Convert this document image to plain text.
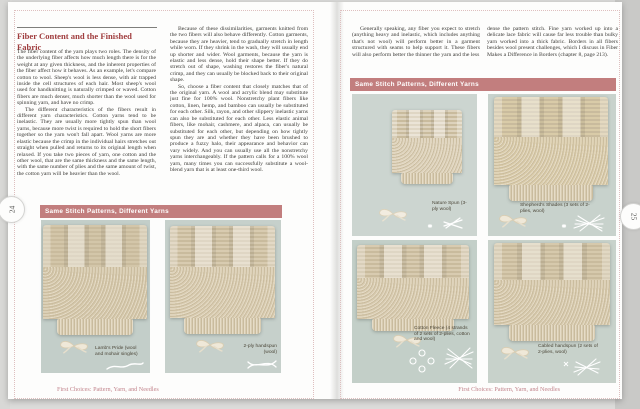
Fiber Content and the Finished Fabric

The fiber content of the yarn plays two roles. The density of the underlying fiber affects how much length there is for the weight at any given thickness, and the inherent properties of the fiber affect how it behaves. As an example, let's compare cotton to wool. Sheep's wool is less dense, with air trapped inside the cell structures of each hair. Most sheep's wool used for handknitting is naturally crimped or waved. Cotton fibers are much denser, much shorter than the wool used for spinning yarn, and have no crimp.

The different characteristics of the fibers result in different yarn characteristics. Cotton yarns tend to be inelastic. They are usually more tightly spun than wool yarns, because more twist is required to hold the short fibers together so the yarn won't fall apart. Wool yarns are more elastic because the crimp in the individual hairs stretches out straight when pulled and returns to its original length when relaxed. If you take two pieces of yarn, one cotton and the other wool, that are the same thickness and the same length, with the same number of plies and the same amount of twist, the cotton yarn will be heavier than the wool.

Because of these dissimilarities, garments knitted from the two fibers will also behave differently. Cotton garments, because they are heavier, tend to gradually stretch in length while worn. If they shrink in the wash, they will usually end up shorter and wider. Wool garments, because the yarn is elastic and less dense, hold their shape better. If they do stretch out of shape, washing restores the fiber's natural crimp, and they can usually be blocked back to their original shape.

So, choose a fiber content that closely matches that of the original yarn. A wool and acrylic blend may substitute just fine for 100% wool. Nonstretchy plant fibers like cotton, linen, hemp, and bamboo can usually be substituted for each other. Silk, rayon, and other slippery inelastic yarns can also be substituted for each other. Less elastic animal fibers, like mohair, cashmere, and alpaca, can usually be substituted for each other, but depending on how tightly spun they are and whether they have been brushed to produce a fuzzy halo, their appearance and behavior can vary widely. And you can usually use all the nonstretchy yarns interchangeably. If the pattern calls for a 100% wool yarn, many times you can successfully substitute a wool-blend yarn that is at least one-third wool.

Same Stitch Patterns, Different Yarns
Lamb's Pride (wool and mohair singles)
2-ply handspun (wool)
24
First Choices: Pattern, Yarn, and Needles

Generally speaking, any fiber you expect to stretch (anything heavy and inelastic, which includes anything that's not wool) will perform better in a garment structured with seams to help support it. These fibers will also perform better the thinner the yarn and the less

dense the pattern stitch. Fine yarn worked up into a delicate lace fabric will cause far less trouble than bulky yarn worked into a thick fabric. Borders in all fibers besides wool present challenges, which I discuss in Fiber Makes a Difference in Borders (chapter 8, page 213).

Same Stitch Patterns, Different Yarns
Nature Spun (3-ply wool)
Shepherd's Shades (3 sets of 2-plies, wool)
Cotton Fleece (4 strands of 2 sets of 2-plies, cotton and wool)
Cabled handspun (2 sets of 2-plies, wool)
25
First Choices: Pattern, Yarn, and Needles
